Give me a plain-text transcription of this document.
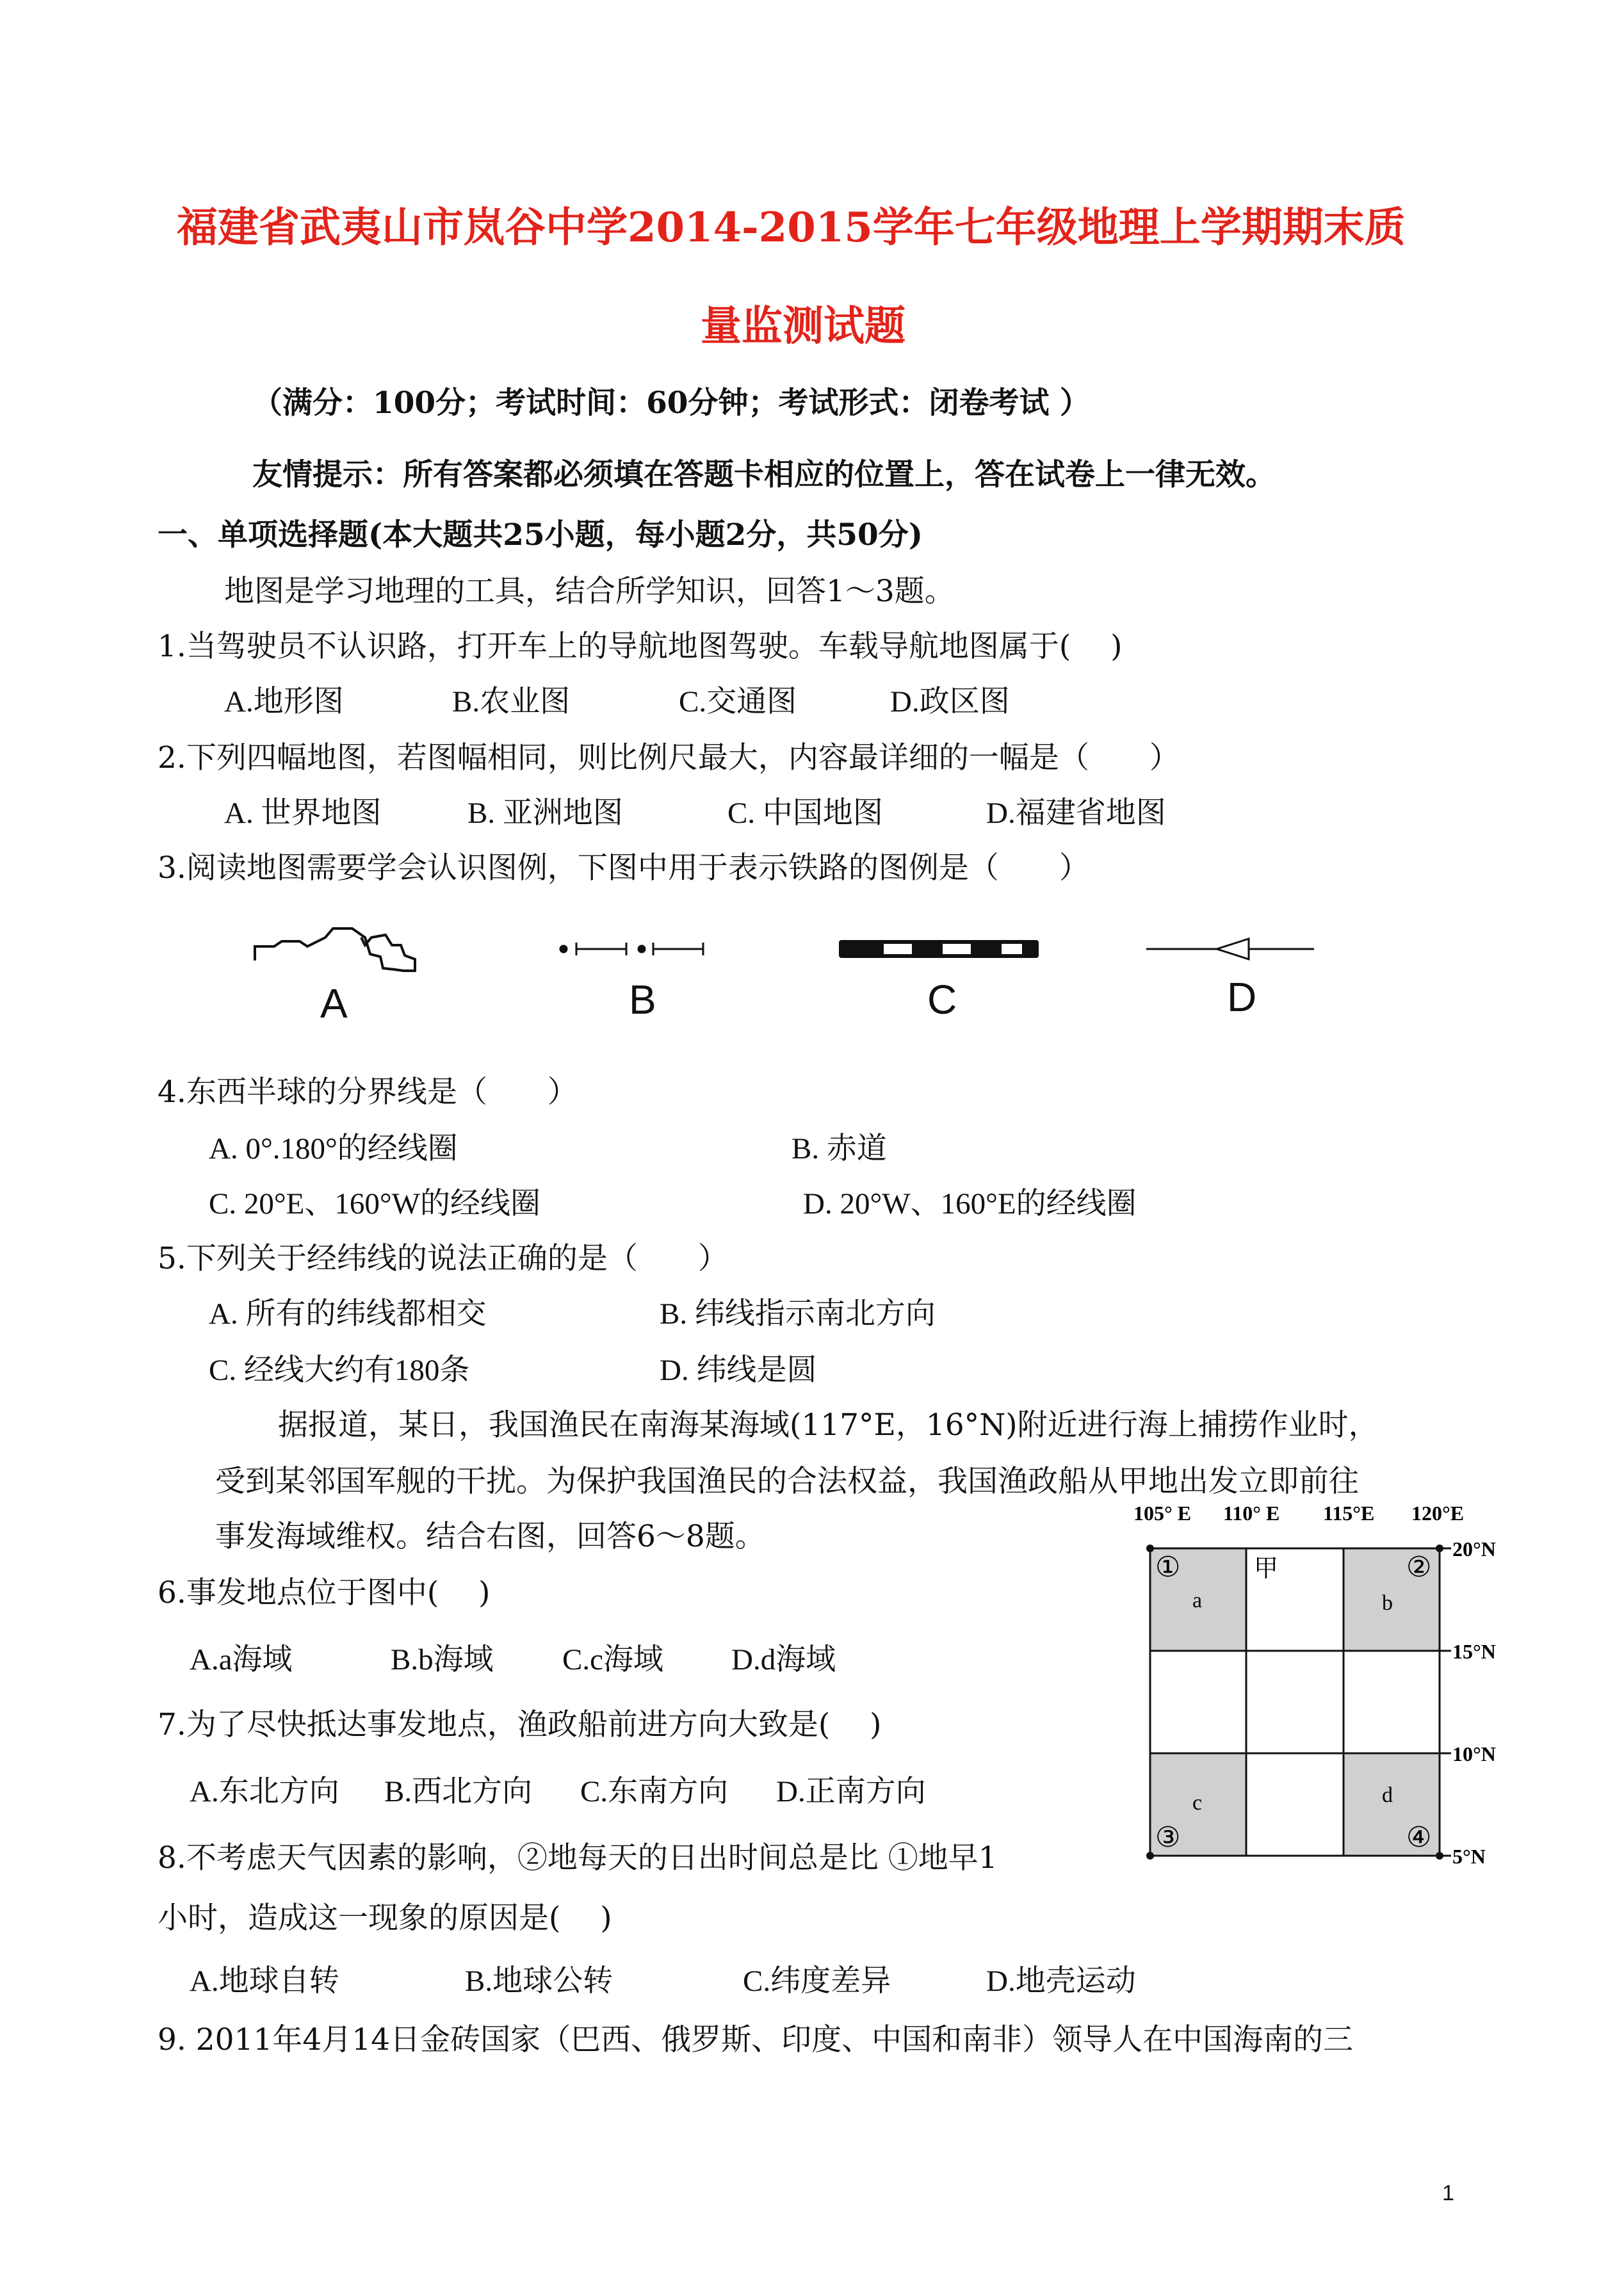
福建省武夷山市岚谷中学2014-2015学年七年级地理上学期期末质
量监测试题
（满分：100分；考试时间：60分钟；考试形式：闭卷考试 ）
友情提示：所有答案都必须填在答题卡相应的位置上，答在试卷上一律无效。
一、单项选择题(本大题共25小题，每小题2分，共50分)
地图是学习地理的工具，结合所学知识，回答1～3题。
1.当驾驶员不认识路，打开车上的导航地图驾驶。车载导航地图属于(　 )
A.地形图	B.农业图	C.交通图	D.政区图
2.下列四幅地图，若图幅相同，则比例尺最大，内容最详细的一幅是（　　）
A. 世界地图	B. 亚洲地图	C. 中国地图	D.福建省地图
3.阅读地图需要学会认识图例，下图中用于表示铁路的图例是（　　）
A	B	C	D
4.东西半球的分界线是（　　）
A. 0°.180°的经线圈	B. 赤道
C. 20°E、160°W的经线圈	D. 20°W、160°E的经线圈
5.下列关于经纬线的说法正确的是（　　）
A. 所有的纬线都相交	B. 纬线指示南北方向
C. 经线大约有180条	D. 纬线是圆
据报道，某日，我国渔民在南海某海域(117°E，16°N)附近进行海上捕捞作业时，
受到某邻国军舰的干扰。为保护我国渔民的合法权益，我国渔政船从甲地出发立即前往
事发海域维权。结合右图，回答6～8题。
6.事发地点位于图中(　 )
A.a海域	B.b海域 C.c海域 D.d海域
7.为了尽快抵达事发地点，渔政船前进方向大致是(　 )
A.东北方向 B.西北方向 C.东南方向 D.正南方向
8.不考虑天气因素的影响，②地每天的日出时间总是比 ①地早1
小时，造成这一现象的原因是(　 )
A.地球自转	B.地球公转	C.纬度差异	D.地壳运动
9. 2011年4月14日金砖国家（巴西、俄罗斯、印度、中国和南非）领导人在中国海南的三
105° E 110° E 115°E 120°E
20°N
15°N
10°N
5°N
①	甲	②
a	b
c	d
③	④
1
